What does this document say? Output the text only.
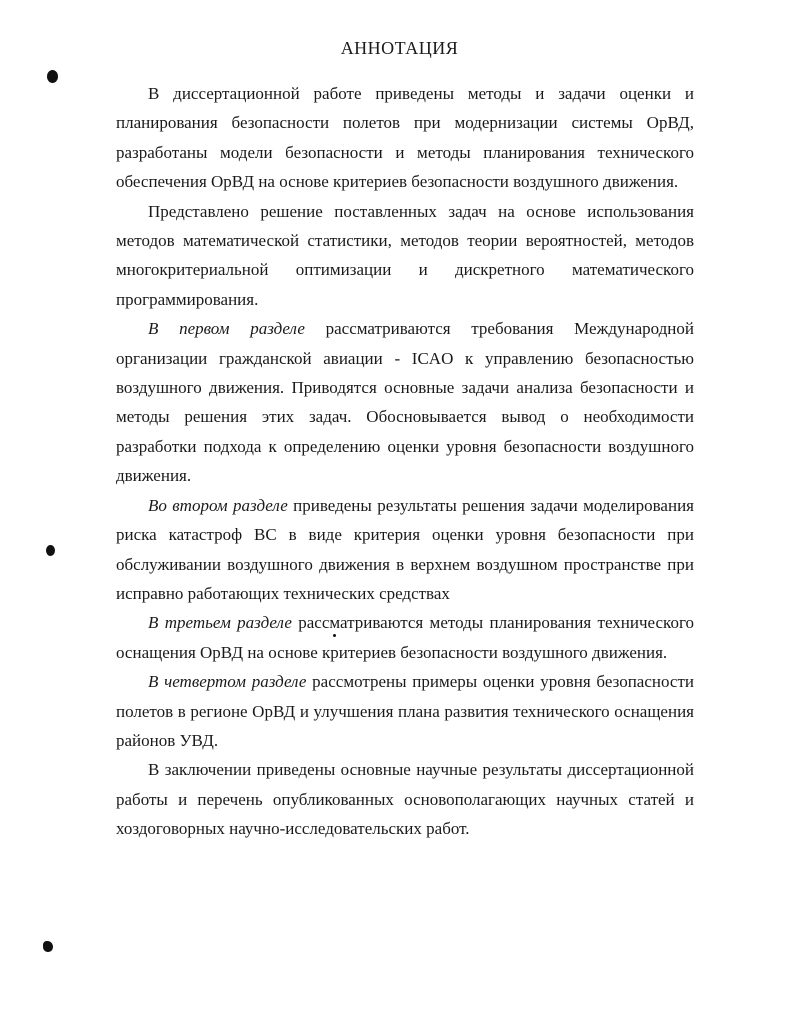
АННОТАЦИЯ

В диссертационной работе приведены методы и задачи оценки и планирования безопасности полетов при модернизации системы ОрВД, разработаны модели безопасности и методы планирования технического обеспечения ОрВД на основе критериев безопасности воздушного движения.

Представлено решение поставленных задач на основе использования методов математической статистики, методов теории вероятностей, методов многокритериальной оптимизации и дискретного математического программирования.

В первом разделе рассматриваются требования Международной организации гражданской авиации - ICAO к управлению безопасностью воздушного движения. Приводятся основные задачи анализа безопасности и методы решения этих задач. Обосновывается вывод о необходимости разработки подхода к определению оценки уровня безопасности воздушного движения.

Во втором разделе приведены результаты решения задачи моделирования риска катастроф ВС в виде критерия оценки уровня безопасности при обслуживании воздушного движения в верхнем воздушном пространстве при исправно работающих технических средствах

В третьем разделе рассматриваются методы планирования технического оснащения ОрВД на основе критериев безопасности воздушного движения.

В четвертом разделе рассмотрены примеры оценки уровня безопасности полетов в регионе ОрВД и улучшения плана развития технического оснащения районов УВД.

В заключении приведены основные научные результаты диссертационной работы и перечень опубликованных основополагающих научных статей и хоздоговорных научно-исследовательских работ.
